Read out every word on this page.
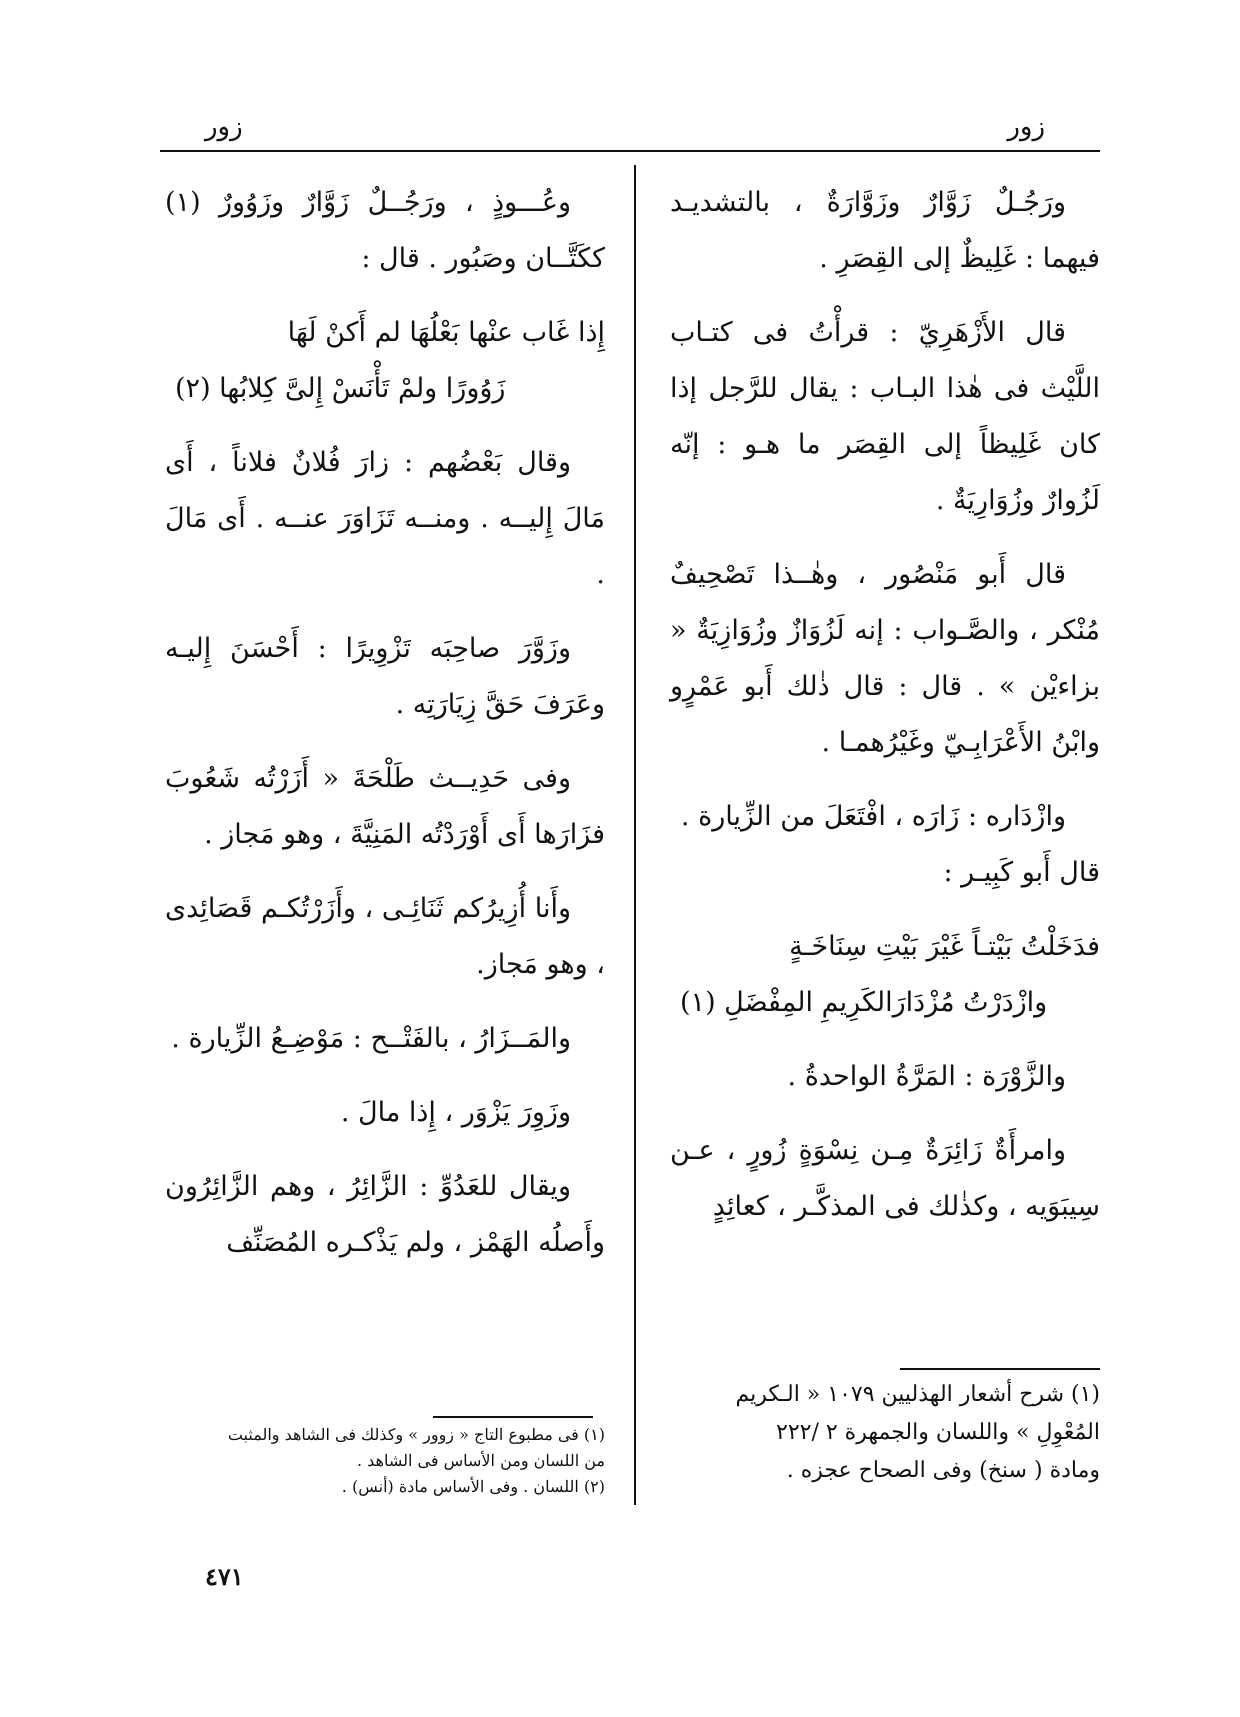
زور
زور

ورَجُـلٌ زَوَّارٌ وزَوَّارَةٌ ، بالتشديـد فيهما : غَلِيظٌ إلى القِصَرِ .

قال الأَزْهَرِيّ : قرأْتُ فى كتـاب اللَّيْث فى هٰذا البـاب : يقال للرَّجل إذا كان غَلِيظاً إلى القِصَر ما هـو : إنّه لَزُوارٌ وزُوَارِيَةٌ .

قال أَبو مَنْصُور ، وهٰــذا تَصْحِيفٌ مُنْكر ، والصَّـواب : إنه لَزُوَازٌ وزُوَازِيَةٌ « بزاءيْن » . قال : قال ذٰلك أَبو عَمْرٍو وابْنُ الأَعْرَابِـيّ وغَيْرُهمـا .

وازْدَاره : زَارَه ، افْتَعَلَ من الزِّيارة .

قال أَبو كَبِيـر :

فدَخَلْتُ بَيْتـاً غَيْرَ بَيْتِ سِنَاخَـةٍ
وازْدَرْتُ مُزْدَارَالكَرِيمِ المِفْضَلِ (١)

والزَّوْرَة : المَرَّةُ الواحدةُ .

وامرأَةٌ زَائِرَةٌ مِـن نِسْوَةٍ زُورٍ ، عـن سِيبَوَيه ، وكذٰلك فى المذكَّـر ، كعائِدٍ

وعُـــوذٍ ، ورَجُــلٌ زَوَّارٌ وزَوُورٌ (١) ككَتَّــان وصَبُور . قال :

إِذا غَاب عنْها بَعْلُهَا لم أَكنْ لَهَا
زَوُورًا ولمْ تَأْنَسْ إِلىَّ كِلابُها (٢)

وقال بَعْضُهم : زارَ فُلانٌ فلاناً ، أَى مَالَ إِليــه . ومنــه تَزَاوَرَ عنــه . أَى مَالَ .

وزَوَّرَ صاحِبَه تَزْوِيرًا : أَحْسَنَ إِليـه وعَرَفَ حَقَّ زِيَارَتِه .

وفى حَدِيــث طَلْحَةَ « أَزَرْتُه شَعُوبَ فزَارَها أَى أَوْرَدْتُه المَنِيَّةَ ، وهو مَجاز .

وأَنا أُزِيرُكم ثَنَائِـى ، وأَزَرْتُكـم قَصَائِدى ، وهو مَجاز.

والمَــزَارُ ، بالفَتْــح : مَوْضِـعُ الزِّيارة .

وزَوِرَ يَزْوَر ، إِذا مالَ .

ويقال للعَدُوِّ : الزَّائِرُ ، وهم الزَّائِرُون وأَصلُه الهَمْز ، ولم يَذْكـره المُصَنِّف

(١) شرح أشعار الهذليين ١٠٧٩ « الـكريم

المُعْوِلِ » واللسان والجمهرة ٢ /٢٢٢

ومادة ( سنخ) وفى الصحاح عجزه .

(١) فى مطبوع التاج « زوور » وكذلك فى الشاهد والمثبت

من اللسان ومن الأساس فى الشاهد .

(٢) اللسان . وفى الأساس مادة (أنس) .

٤٧١
